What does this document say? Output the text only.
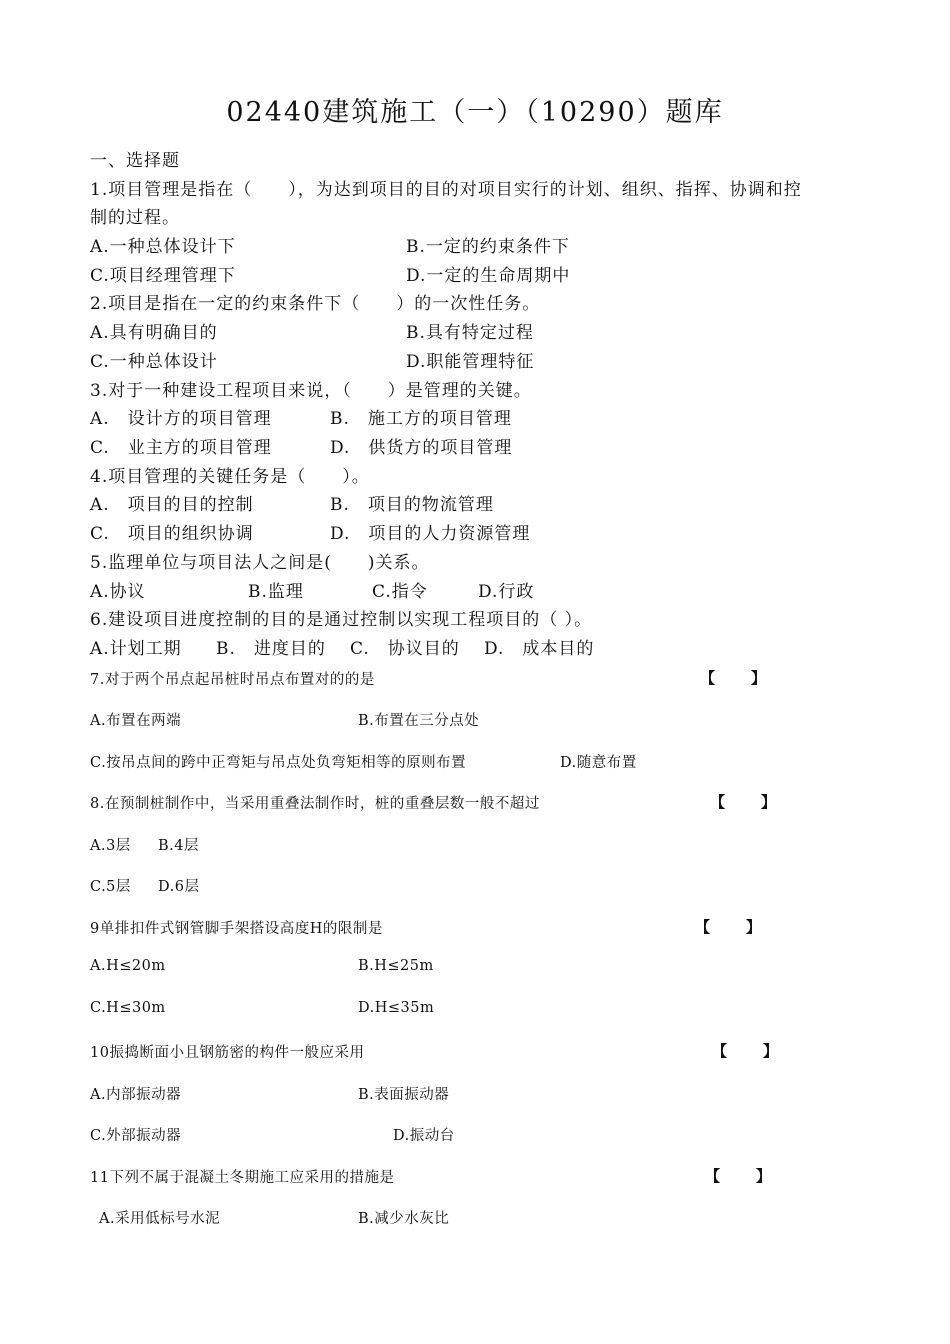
02440建筑施工（一）（10290）题库
一、选择题
1.项目管理是指在（　　），为达到项目的目的对项目实行的计划、组织、指挥、协调和控
制的过程。
A.一种总体设计下	B.一定的约束条件下
C.项目经理管理下	D.一定的生命周期中
2.项目是指在一定的约束条件下（　　）的一次性任务。
A.具有明确目的	B.具有特定过程
C.一种总体设计	D.职能管理特征
3.对于一种建设工程项目来说，（　　）是管理的关键。
A.　设计方的项目管理	B.　施工方的项目管理
C.　业主方的项目管理	D.　供货方的项目管理
4.项目管理的关键任务是（　　）。
A.　项目的目的控制	B.　项目的物流管理
C.　项目的组织协调	D.　项目的人力资源管理
5.监理单位与项目法人之间是(　　)关系。
A.协议	B.监理	C.指令	D.行政
6.建设项目进度控制的目的是通过控制以实现工程项目的（ ）。
A.计划工期 B.　进度目的 C.　协议目的 D.　成本目的
7.对于两个吊点起吊桩时吊点布置对的的是	【　　】
A.布置在两端	B.布置在三分点处
C.按吊点间的跨中正弯矩与吊点处负弯矩相等的原则布置	D.随意布置
8.在预制桩制作中，当采用重叠法制作时，桩的重叠层数一般不超过	【　　】
A.3层 B.4层
C.5层 D.6层
9单排扣件式钢管脚手架搭设高度H的限制是	【　　】
A.H≤20m	B.H≤25m
C.H≤30m	D.H≤35m
10振捣断面小且钢筋密的构件一般应采用	【　　】
A.内部振动器	B.表面振动器
C.外部振动器	D.振动台
11下列不属于混凝土冬期施工应采用的措施是	【　　】
A.采用低标号水泥	B.减少水灰比
